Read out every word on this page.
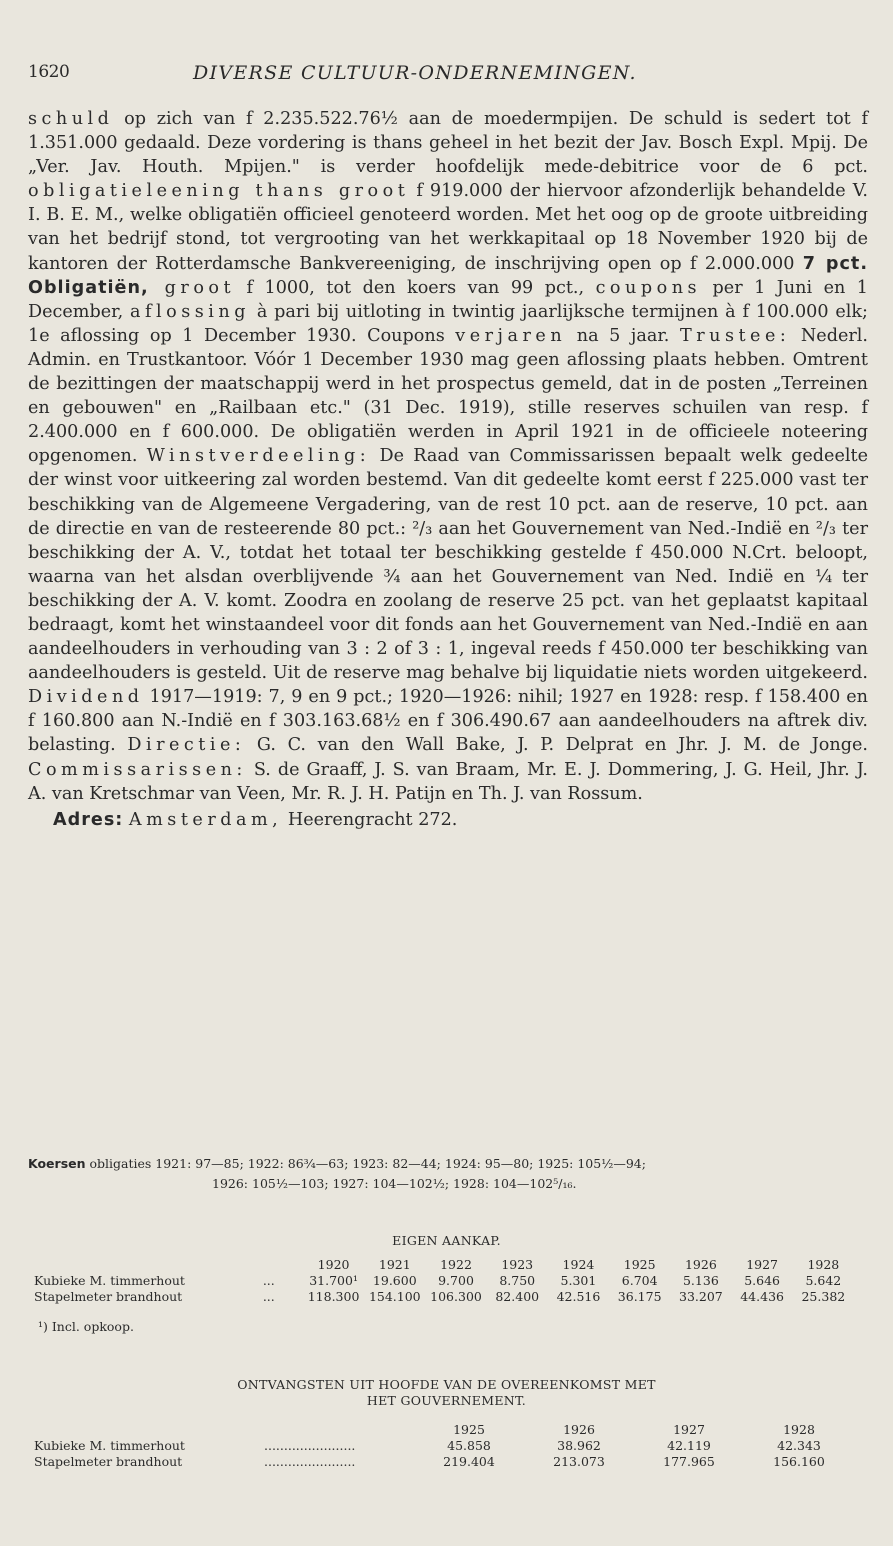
1620	DIVERSE CULTUUR-ONDERNEMINGEN.

schuld op zich van f 2.235.522.76½ aan de moedermpijen. De schuld is sedert tot f 1.351.000 gedaald. Deze vordering is thans geheel in het bezit der Jav. Bosch Expl. Mpij. De „Ver. Jav. Houth. Mpijen." is verder hoofdelijk mede-debitrice voor de 6 pct. obligatieleening thans groot f 919.000 der hiervoor afzonderlijk behandelde V. I. B. E. M., welke obligatiën officieel genoteerd worden. Met het oog op de groote uitbreiding van het bedrijf stond, tot vergrooting van het werkkapitaal op 18 November 1920 bij de kantoren der Rotterdamsche Bankvereeniging, de inschrijving open op f 2.000.000 7 pct. Obligatiën, groot f 1000, tot den koers van 99 pct., coupons per 1 Juni en 1 December, aflossing à pari bij uitloting in twintig jaarlijksche termijnen à f 100.000 elk; 1e aflossing op 1 December 1930. Coupons verjaren na 5 jaar. Trustee: Nederl. Admin. en Trustkantoor. Vóór 1 December 1930 mag geen aflossing plaats hebben. Omtrent de bezittingen der maatschappij werd in het prospectus gemeld, dat in de posten „Terreinen en gebouwen" en „Railbaan etc." (31 Dec. 1919), stille reserves schuilen van resp. f 2.400.000 en f 600.000. De obligatiën werden in April 1921 in de officieele noteering opgenomen. Winstverdeeling: De Raad van Commissarissen bepaalt welk gedeelte der winst voor uitkeering zal worden bestemd. Van dit gedeelte komt eerst f 225.000 vast ter beschikking van de Algemeene Vergadering, van de rest 10 pct. aan de reserve, 10 pct. aan de directie en van de resteerende 80 pct.: ²/₃ aan het Gouvernement van Ned.-Indië en ²/₃ ter beschikking der A. V., totdat het totaal ter beschikking gestelde f 450.000 N.Crt. beloopt, waarna van het alsdan overblijvende ¾ aan het Gouvernement van Ned. Indië en ¼ ter beschikking der A. V. komt. Zoodra en zoolang de reserve 25 pct. van het geplaatst kapitaal bedraagt, komt het winstaandeel voor dit fonds aan het Gouvernement van Ned.-Indië en aan aandeelhouders in verhouding van 3 : 2 of 3 : 1, ingeval reeds f 450.000 ter beschikking van aandeelhouders is gesteld. Uit de reserve mag behalve bij liquidatie niets worden uitgekeerd. Dividend 1917—1919: 7, 9 en 9 pct.; 1920—1926: nihil; 1927 en 1928: resp. f 158.400 en f 160.800 aan N.-Indië en f 303.163.68½ en f 306.490.67 aan aandeelhouders na aftrek div. belasting. Directie: G. C. van den Wall Bake, J. P. Delprat en Jhr. J. M. de Jonge. Commissarissen: S. de Graaff, J. S. van Braam, Mr. E. J. Dommering, J. G. Heil, Jhr. J. A. van Kretschmar van Veen, Mr. R. J. H. Patijn en Th. J. van Rossum.

Adres: Amsterdam, Heerengracht 272.

Koersen obligaties 1921: 97—85; 1922: 86¾—63; 1923: 82—44; 1924: 95—80; 1925: 105½—94;
1926: 105½—103; 1927: 104—102½; 1928: 104—102⁵/₁₆.
EIGEN AANKAP.
		1920	1921	1922	1923	1924	1925	1926	1927	1928
Kubieke M. timmerhout	...	31.700¹	19.600	9.700	8.750	5.301	6.704	5.136	5.646	5.642
Stapelmeter brandhout	...	118.300	154.100	106.300	82.400	42.516	36.175	33.207	44.436	25.382
¹) Incl. opkoop.
ONTVANGSTEN UIT HOOFDE VAN DE OVEREENKOMST MET
HET GOUVERNEMENT.
		1925	1926	1927	1928
Kubieke M. timmerhout	.......................	45.858	38.962	42.119	42.343
Stapelmeter brandhout	.......................	219.404	213.073	177.965	156.160
